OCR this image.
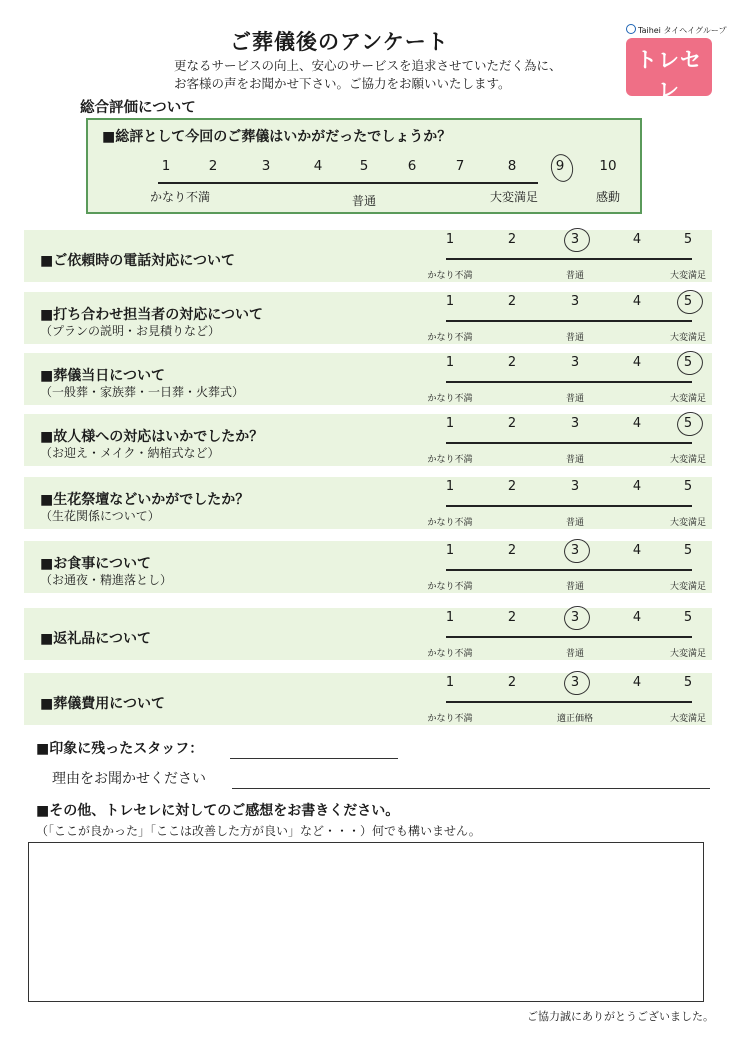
ご葬儀後のアンケート
更なるサービスの向上、安心のサービスを追求させていただく為に、
お客様の声をお聞かせ下さい。ご協力をお願いいたします。
Taihei タイヘイグループ
トレセレ
安心葬儀
総合評価について
■総評として今回のご葬儀はいかがだったでしょうか？
1	2	3	4	5	6	7	8	9	10
かなり不満	普通	大変満足	感動
■ご依頼時の電話対応について
1	2	3	4	5
かなり不満	普通	大変満足
■打ち合わせ担当者の対応について
（プランの説明・お見積りなど）
1	2	3	4	5
かなり不満	普通	大変満足
■葬儀当日について
（一般葬・家族葬・一日葬・火葬式）
1	2	3	4	5
かなり不満	普通	大変満足
■故人様への対応はいかでしたか？
（お迎え・メイク・納棺式など）
1	2	3	4	5
かなり不満	普通	大変満足
■生花祭壇などいかがでしたか？
（生花関係について）
1	2	3	4	5
かなり不満	普通	大変満足
■お食事について
（お通夜・精進落とし）
1	2	3	4	5
かなり不満	普通	大変満足
■返礼品について
1	2	3	4	5
かなり不満	普通	大変満足
■葬儀費用について
1	2	3	4	5
かなり不満	適正価格	大変満足
■印象に残ったスタッフ：
理由をお聞かせください
■その他、トレセレに対してのご感想をお書きください。
（「ここが良かった」「ここは改善した方が良い」など・・・）何でも構いません。
ご協力誠にありがとうございました。
